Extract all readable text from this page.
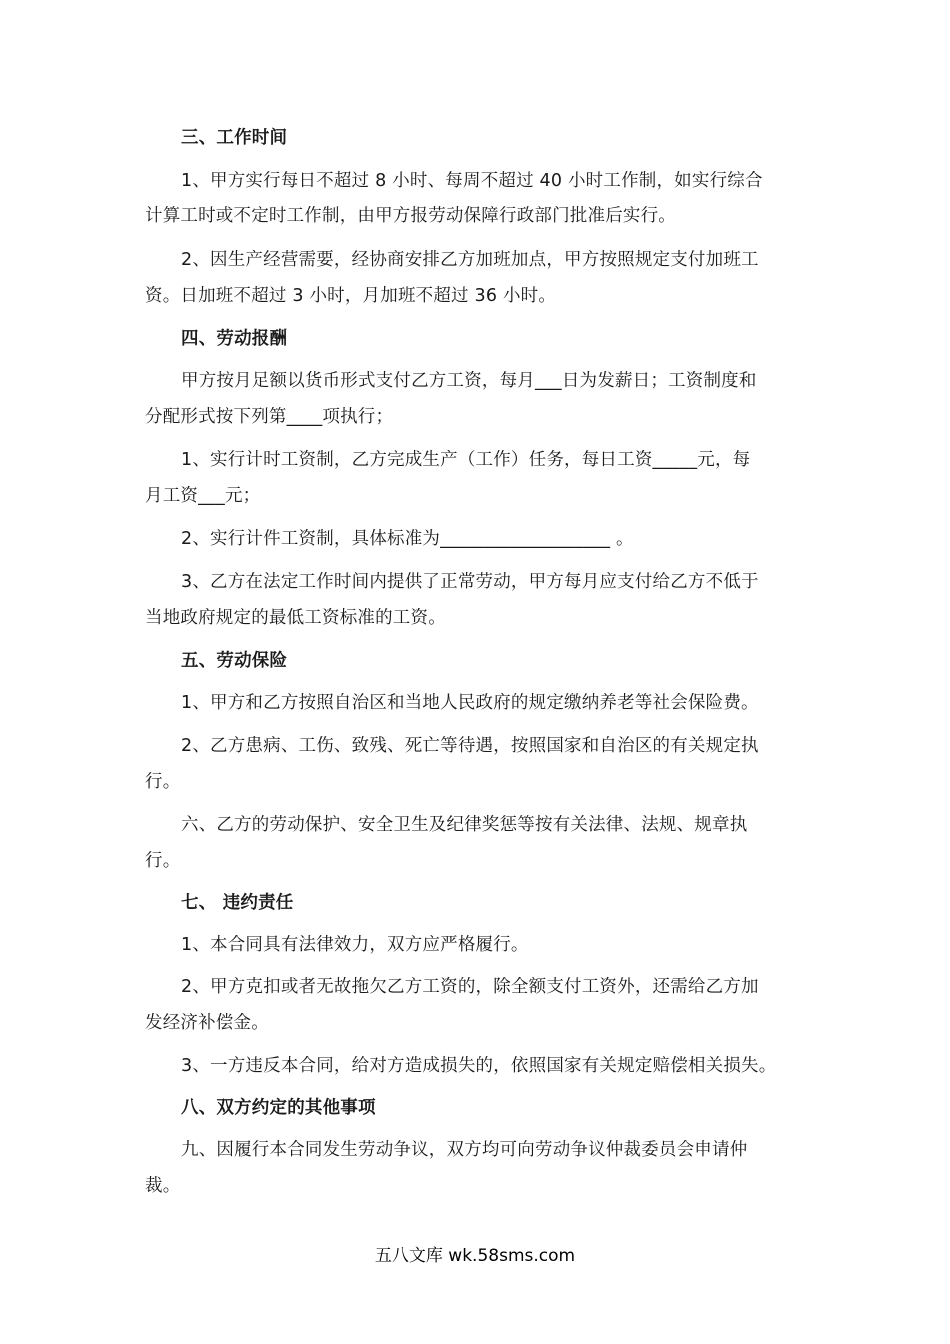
三、工作时间
1、甲方实行每日不超过 8 小时、每周不超过 40 小时工作制，如实行综合
计算工时或不定时工作制，由甲方报劳动保障行政部门批准后实行。
2、因生产经营需要，经协商安排乙方加班加点，甲方按照规定支付加班工
资。日加班不超过 3 小时，月加班不超过 36 小时。
四、劳动报酬
甲方按月足额以货币形式支付乙方工资，每月___日为发薪日；工资制度和
分配形式按下列第____项执行；
1、实行计时工资制，乙方完成生产（工作）任务，每日工资_____元，每
月工资___元；
2、实行计件工资制，具体标准为___________________ 。
3、乙方在法定工作时间内提供了正常劳动，甲方每月应支付给乙方不低于
当地政府规定的最低工资标准的工资。
五、劳动保险
1、甲方和乙方按照自治区和当地人民政府的规定缴纳养老等社会保险费。
2、乙方患病、工伤、致残、死亡等待遇，按照国家和自治区的有关规定执
行。
六、乙方的劳动保护、安全卫生及纪律奖惩等按有关法律、法规、规章执
行。
七、 违约责任
1、本合同具有法律效力，双方应严格履行。
2、甲方克扣或者无故拖欠乙方工资的，除全额支付工资外，还需给乙方加
发经济补偿金。
3、一方违反本合同，给对方造成损失的，依照国家有关规定赔偿相关损失。
八、双方约定的其他事项
九、因履行本合同发生劳动争议，双方均可向劳动争议仲裁委员会申请仲
裁。
五八文库 wk.58sms.com
